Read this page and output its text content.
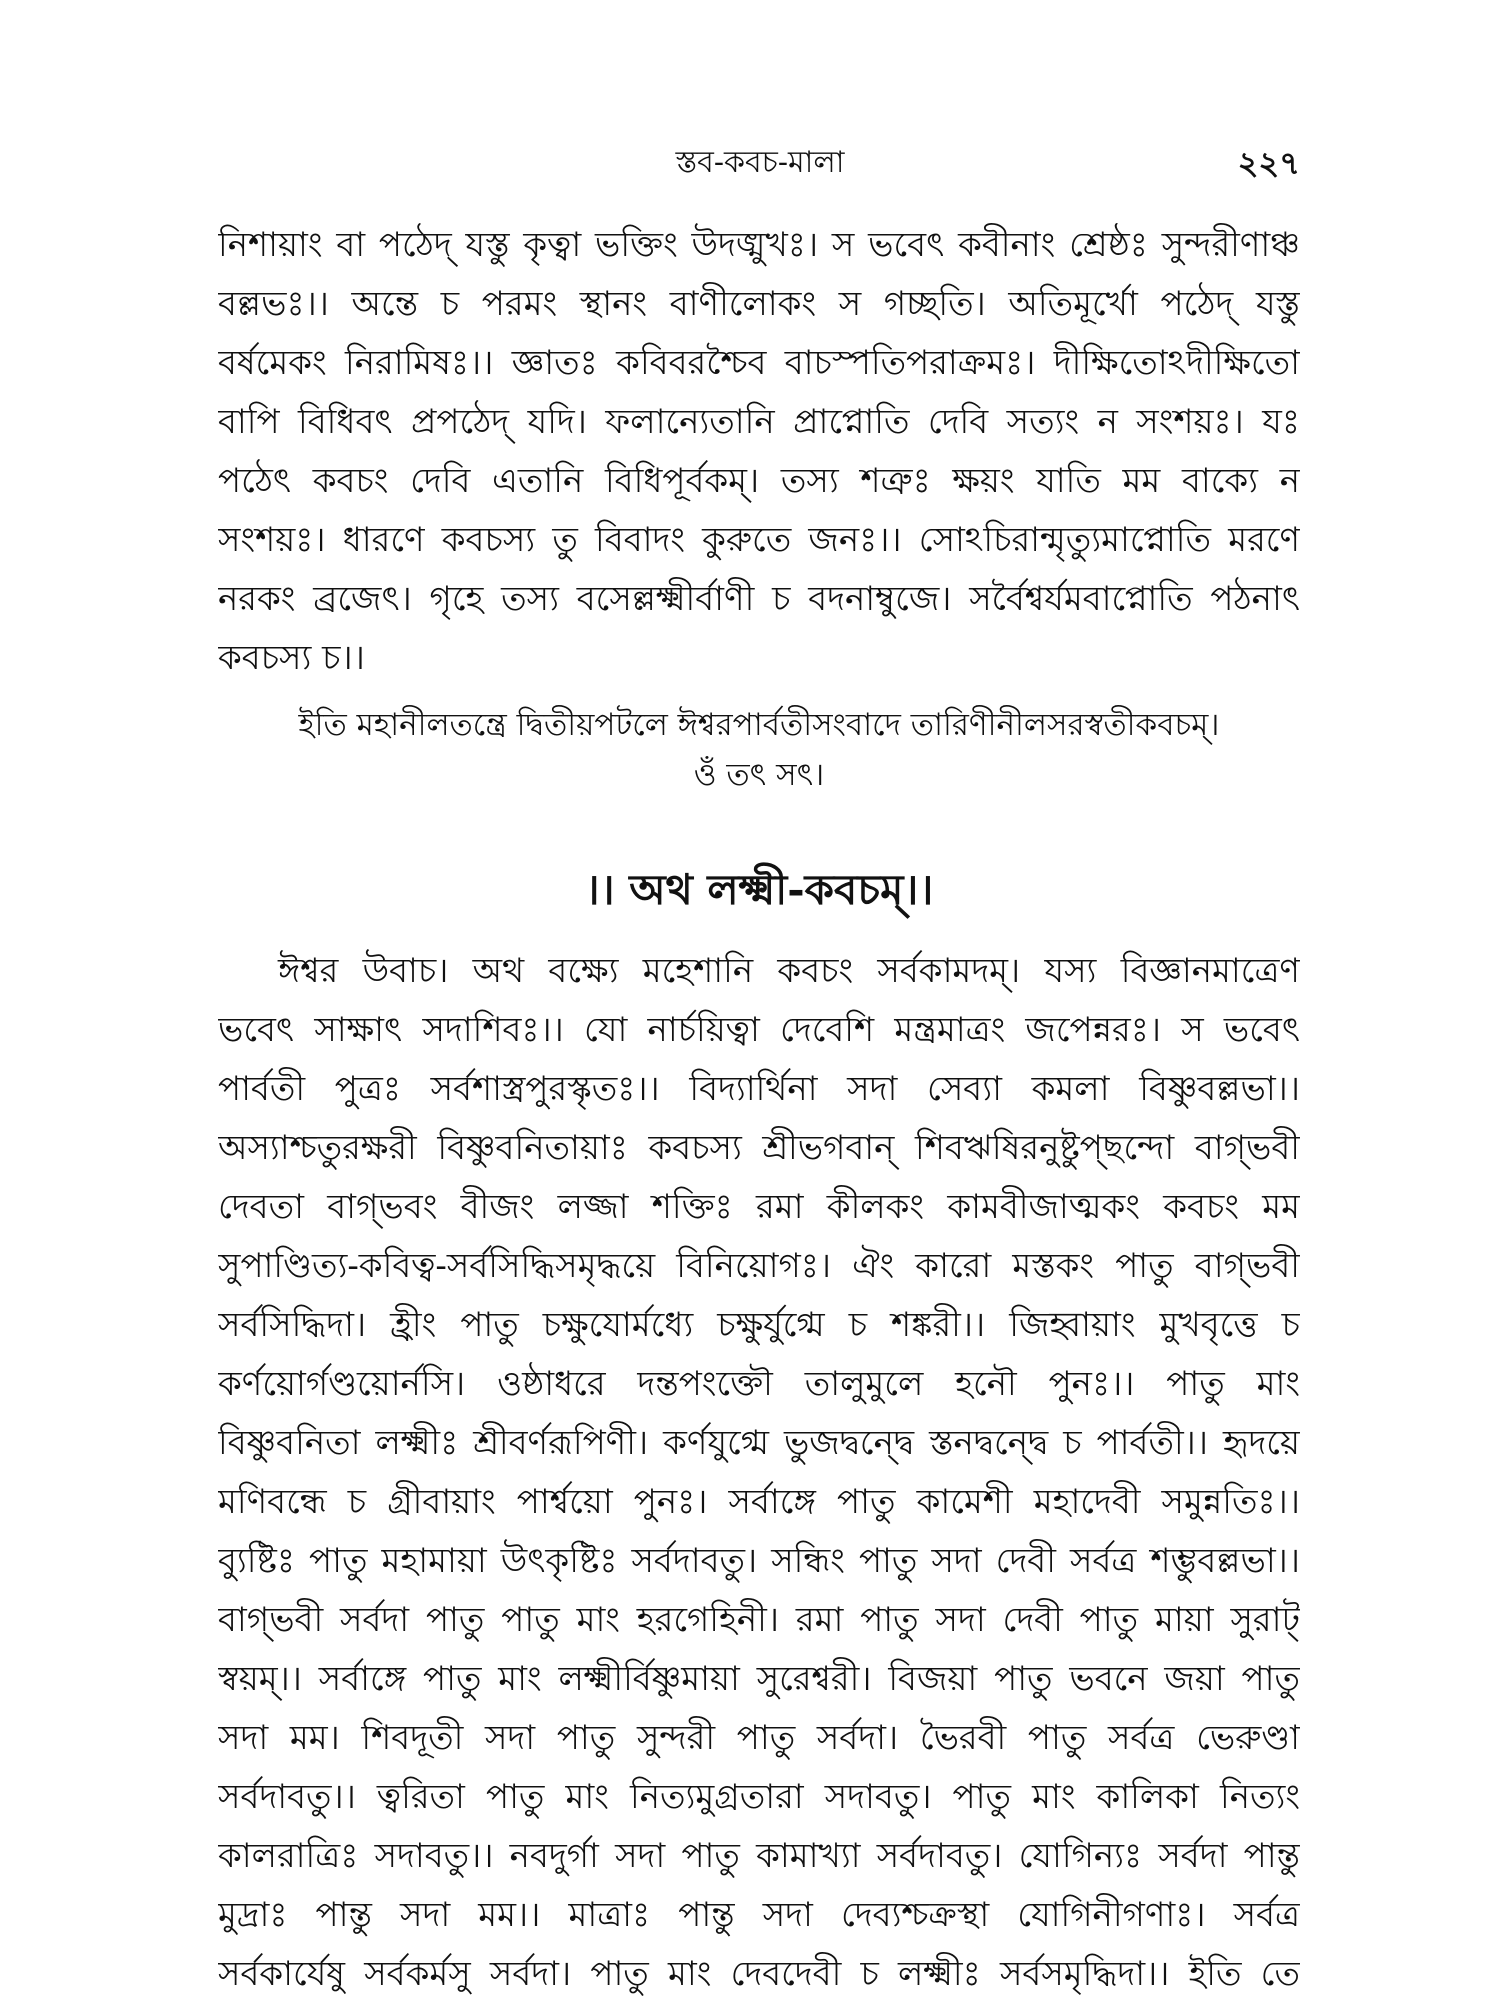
স্তব-কবচ-মালা	২২৭
নিশায়াং বা পঠেদ্ যস্তু কৃত্বা ভক্তিং উদঙ্মুখঃ। স ভবেৎ কবীনাং শ্রেষ্ঠঃ সুন্দরীণাঞ্চ
বল্লভঃ।। অন্তে চ পরমং স্থানং বাণীলোকং স গচ্ছতি। অতিমূর্খো পঠেদ্ যস্তু
বর্ষমেকং নিরামিষঃ।। জ্ঞাতঃ কবিবরশ্চৈব বাচস্পতিপরাক্রমঃ। দীক্ষিতোঽদীক্ষিতো
বাপি বিধিবৎ প্রপঠেদ্ যদি। ফলান্যেতানি প্রাপ্নোতি দেবি সত্যং ন সংশয়ঃ। যঃ
পঠেৎ কবচং দেবি এতানি বিধিপূর্বকম্। তস্য শত্রুঃ ক্ষয়ং যাতি মম বাক্যে ন
সংশয়ঃ। ধারণে কবচস্য তু বিবাদং কুরুতে জনঃ।। সোঽচিরান্মৃত্যুমাপ্নোতি মরণে
নরকং ব্রজেৎ। গৃহে তস্য বসেল্লক্ষ্মীর্বাণী চ বদনাম্বুজে। সর্বৈশ্বর্যমবাপ্নোতি পঠনাৎ
কবচস্য চ।।
ইতি মহানীলতন্ত্রে দ্বিতীয়পটলে ঈশ্বরপার্বতীসংবাদে তারিণীনীলসরস্বতীকবচম্।
ওঁ তৎ সৎ।
।। অথ লক্ষ্মী-কবচম্।।
ঈশ্বর উবাচ। অথ বক্ষ্যে মহেশানি কবচং সর্বকামদম্। যস্য বিজ্ঞানমাত্রেণ
ভবেৎ সাক্ষাৎ সদাশিবঃ।। যো নার্চয়িত্বা দেবেশি মন্ত্রমাত্রং জপেন্নরঃ। স ভবেৎ
পার্বতী পুত্রঃ সর্বশাস্ত্রপুরস্কৃতঃ।। বিদ্যার্থিনা সদা সেব্যা কমলা বিষ্ণুবল্লভা।।
অস্যাশ্চতুরক্ষরী বিষ্ণুবনিতায়াঃ কবচস্য শ্রীভগবান্ শিবঋষিরনুষ্টুপ্ছন্দো বাগ্ভবী
দেবতা বাগ্ভবং বীজং লজ্জা শক্তিঃ রমা কীলকং কামবীজাত্মকং কবচং মম
সুপাণ্ডিত্য-কবিত্ব-সর্বসিদ্ধিসমৃদ্ধয়ে বিনিয়োগঃ। ঐং কারো মস্তকং পাতু বাগ্ভবী
সর্বসিদ্ধিদা। হ্রীং পাতু চক্ষুযোর্মধ্যে চক্ষুর্যুগ্মে চ শঙ্করী।। জিহ্বায়াং মুখবৃত্তে চ
কর্ণয়োর্গণ্ডয়োর্নসি। ওষ্ঠাধরে দন্তপংক্তৌ তালুমুলে হনৌ পুনঃ।। পাতু মাং
বিষ্ণুবনিতা লক্ষ্মীঃ শ্রীবর্ণরূপিণী। কর্ণযুগ্মে ভুজদ্বন্দ্বে স্তনদ্বন্দ্বে চ পার্বতী।। হৃদয়ে
মণিবন্ধে চ গ্রীবায়াং পার্শ্বয়ো পুনঃ। সর্বাঙ্গে পাতু কামেশী মহাদেবী সমুন্নতিঃ।।
ব্যুষ্টিঃ পাতু মহামায়া উৎকৃষ্টিঃ সর্বদাবতু। সন্ধিং পাতু সদা দেবী সর্বত্র শম্ভুবল্লভা।।
বাগ্ভবী সর্বদা পাতু পাতু মাং হরগেহিনী। রমা পাতু সদা দেবী পাতু মায়া সুরাট্
স্বয়ম্।। সর্বাঙ্গে পাতু মাং লক্ষ্মীর্বিষ্ণুমায়া সুরেশ্বরী। বিজয়া পাতু ভবনে জয়া পাতু
সদা মম। শিবদূতী সদা পাতু সুন্দরী পাতু সর্বদা। ভৈরবী পাতু সর্বত্র ভেরুণ্ডা
সর্বদাবতু।। ত্বরিতা পাতু মাং নিত্যমুগ্রতারা সদাবতু। পাতু মাং কালিকা নিত্যং
কালরাত্রিঃ সদাবতু।। নবদুর্গা সদা পাতু কামাখ্যা সর্বদাবতু। যোগিন্যঃ সর্বদা পান্তু
মুদ্রাঃ পান্তু সদা মম।। মাত্রাঃ পান্তু সদা দেব্যশ্চক্রস্থা যোগিনীগণাঃ। সর্বত্র
সর্বকার্যেষু সর্বকর্মসু সর্বদা। পাতু মাং দেবদেবী চ লক্ষ্মীঃ সর্বসমৃদ্ধিদা।। ইতি তে
